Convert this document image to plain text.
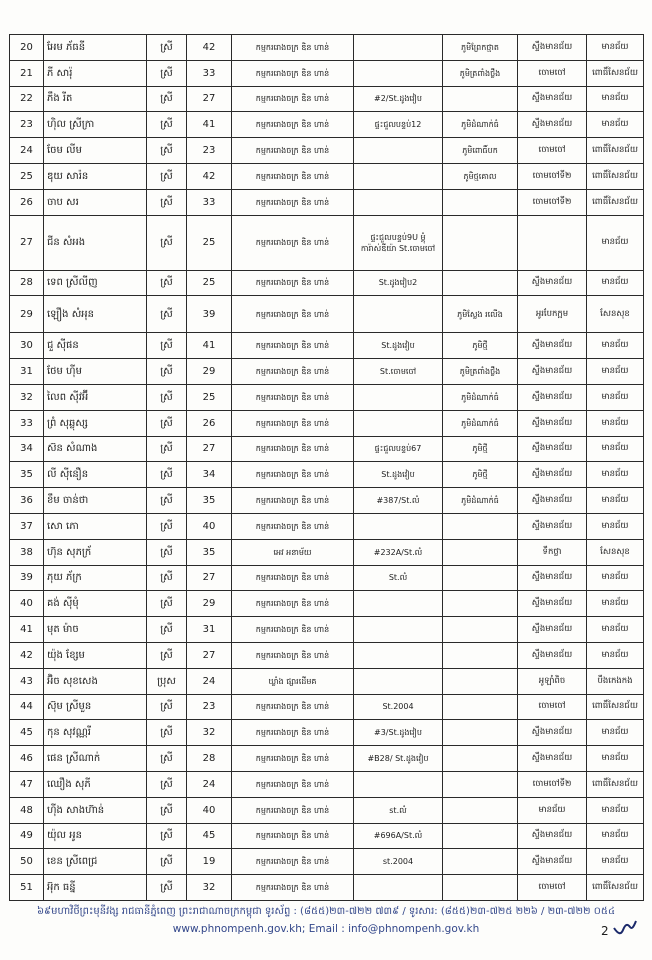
20	អែម ភ័ធនី	ស្រី	42	កម្មករ​រោងចក្រ ឌិន ហាន់		ភូមិព្រែកថ្មាត	ស្ទឹងមានជ័យ	មានជ័យ
21	ភី សារ៉ុ	ស្រី	33	កម្មករ​រោងចក្រ ឌិន ហាន់		ភូមិត្រពាំងថ្លឹង	ចោមចៅ	ពោធិ៍សែនជ័យ
22	ភឹង រីត	ស្រី	27	កម្មករ​រោងចក្រ ឌិន ហាន់	#2/St.ដូងវៀប		ស្ទឹងមានជ័យ	មានជ័យ
23	ហ៊ិល ស្រីក្រា	ស្រី	41	កម្មករ​រោងចក្រ ឌិន ហាន់	ផ្ទះជួលបន្ទប់12	ភូមិដំណាក់ធំ	ស្ទឹងមានជ័យ	មានជ័យ
24	ចែម លីម	ស្រី	23	កម្មករ​រោងចក្រ ឌិន ហាន់		ភូមិពោធិ៍បក	ចោមចៅ	ពោធិ៍សែនជ័យ
25	ឌុយ សារ៉ន	ស្រី	42	កម្មករ​រោងចក្រ ឌិន ហាន់		ភូមិថ្មគោល	ចោមចៅទី២	ពោធិ៍សែនជ័យ
26	ចាប សរ	ស្រី	33	កម្មករ​រោងចក្រ ឌិន ហាន់			ចោមចៅទី២	ពោធិ៍សែនជ័យ
27	ជីន សំអង	ស្រី	25	កម្មករ​រោងចក្រ ឌិន ហាន់	ផ្ទះជួលបន្ទប់9U ម្ដុំការ៉ាស់ឌីយ៉ា St.ចោមចៅ			មានជ័យ
28	ទេព ស្រីលីញ	ស្រី	25	កម្មករ​រោងចក្រ ឌិន ហាន់	St.ដូងវៀប2		ស្ទឹងមានជ័យ	មានជ័យ
29	ឡឿង សំអុន	ស្រី	39	កម្មករ​រោងចក្រ ឌិន ហាន់		ភូមិស្លែង រលើង	អូរបែកក្អម	សែនសុខ
30	ជួ ស៊ីផន	ស្រី	41	កម្មករ​រោងចក្រ ឌិន ហាន់	St.ដូងវៀប	ភូមិថ្មី	ស្ទឹងមានជ័យ	មានជ័យ
31	ថែម ហ៊ីម	ស្រី	29	កម្មករ​រោងចក្រ ឌិន ហាន់	St.ចោមចៅ	ភូមិត្រពាំងថ្លឹង	ស្ទឹងមានជ័យ	មានជ័យ
32	លៃព ស៊ីវអ៊ី	ស្រី	25	កម្មករ​រោងចក្រ ឌិន ហាន់		ភូមិដំណាក់ធំ	ស្ទឹងមានជ័យ	មានជ័យ
33	ព្រំ សុឆ្លុស្ស	ស្រី	26	កម្មករ​រោងចក្រ ឌិន ហាន់		ភូមិដំណាក់ធំ	ស្ទឹងមានជ័យ	មានជ័យ
34	ស៊ន សំណាង	ស្រី	27	កម្មករ​រោងចក្រ ឌិន ហាន់	ផ្ទះជួលបន្ទប់67	ភូមិថ្មី	ស្ទឹងមានជ័យ	មានជ័យ
35	លី ស៊ីនឿន	ស្រី	34	កម្មករ​រោងចក្រ ឌិន ហាន់	St.ដូងវៀប	ភូមិថ្មី	ស្ទឹងមានជ័យ	មានជ័យ
36	ខឹម ចាន់ថា	ស្រី	35	កម្មករ​រោងចក្រ ឌិន ហាន់	#387/St.លំ	ភូមិដំណាក់ធំ	ស្ទឹងមានជ័យ	មានជ័យ
37	សោ ភោ	ស្រី	40	កម្មករ​រោងចក្រ ឌិន ហាន់			ស្ទឹងមានជ័យ	មានជ័យ
38	ហ៊ុន សុភក្រ័	ស្រី	35	អេវ អនាម័យ	#232A/St.លំ		ទឹកថ្លា	សែនសុខ
39	ភុយ ភ័ក្រ	ស្រី	27	កម្មករ​រោងចក្រ ឌិន ហាន់	St.លំ		ស្ទឹងមានជ័យ	មានជ័យ
40	គង់ ស៊ីមុំ	ស្រី	29	កម្មករ​រោងចក្រ ឌិន ហាន់			ស្ទឹងមានជ័យ	មានជ័យ
41	មុត ម៉ាច	ស្រី	31	កម្មករ​រោងចក្រ ឌិន ហាន់			ស្ទឹងមានជ័យ	មានជ័យ
42	យ៉ុង ខ្សែម	ស្រី	27	កម្មករ​រោងចក្រ ឌិន ហាន់			ស្ទឹងមានជ័យ	មានជ័យ
43	អ៊ិច សុខសេង	ប្រុស	24	ឃ្លាំង ផ្សារដើមគ			អូឡាំពិច	បឹងកេងកង
44	ស៊ុម ស្រីមួន	ស្រី	23	កម្មករ​រោងចក្រ ឌិន ហាន់	St.2004		ចោមចៅ	ពោធិ៍សែនជ័យ
45	កុន សុវណ្ណរី	ស្រី	32	កម្មករ​រោងចក្រ ឌិន ហាន់	#3/St.ដូងវៀប		ស្ទឹងមានជ័យ	មានជ័យ
46	ផេន ស្រីណាក់	ស្រី	28	កម្មករ​រោងចក្រ ឌិន ហាន់	#B28/ St.ដូងវៀប		ស្ទឹងមានជ័យ	មានជ័យ
47	ឈឿង សុភី	ស្រី	24	កម្មករ​រោងចក្រ ឌិន ហាន់			ចោមចៅទី២	ពោធិ៍សែនជ័យ
48	ហ៊ីង សាងហ៊ាន់	ស្រី	40	កម្មករ​រោងចក្រ ឌិន ហាន់	st.លំ		មានជ័យ	មានជ័យ
49	យ៉ុល អូន	ស្រី	45	កម្មករ​រោងចក្រ ឌិន ហាន់	#696A/St.លំ		ស្ទឹងមានជ័យ	មានជ័យ
50	ខេន ស្រីពេជ្រ	ស្រី	19	កម្មករ​រោងចក្រ ឌិន ហាន់	st.2004		ស្ទឹងមានជ័យ	មានជ័យ
51	អ៊ុក ធន្នី	ស្រី	32	កម្មករ​រោងចក្រ ឌិន ហាន់			ចោមចៅ	ពោធិ៍សែនជ័យ
៦៩មហាវិថីព្រះមុនីវង្ស រាជធានីភ្នំពេញ ព្រះរាជាណាចក្រកម្ពុជា ទូរស័ព្ទ : (៨៥៥)២៣-៧២២ ៧៣៩ / ទូរសារ: (៨៥៥)២៣-៧២៥ ២២៦ / ២៣-៧២២ ០៥៤
www.phnompenh.gov.kh; Email : info@phnompenh.gov.kh	2
